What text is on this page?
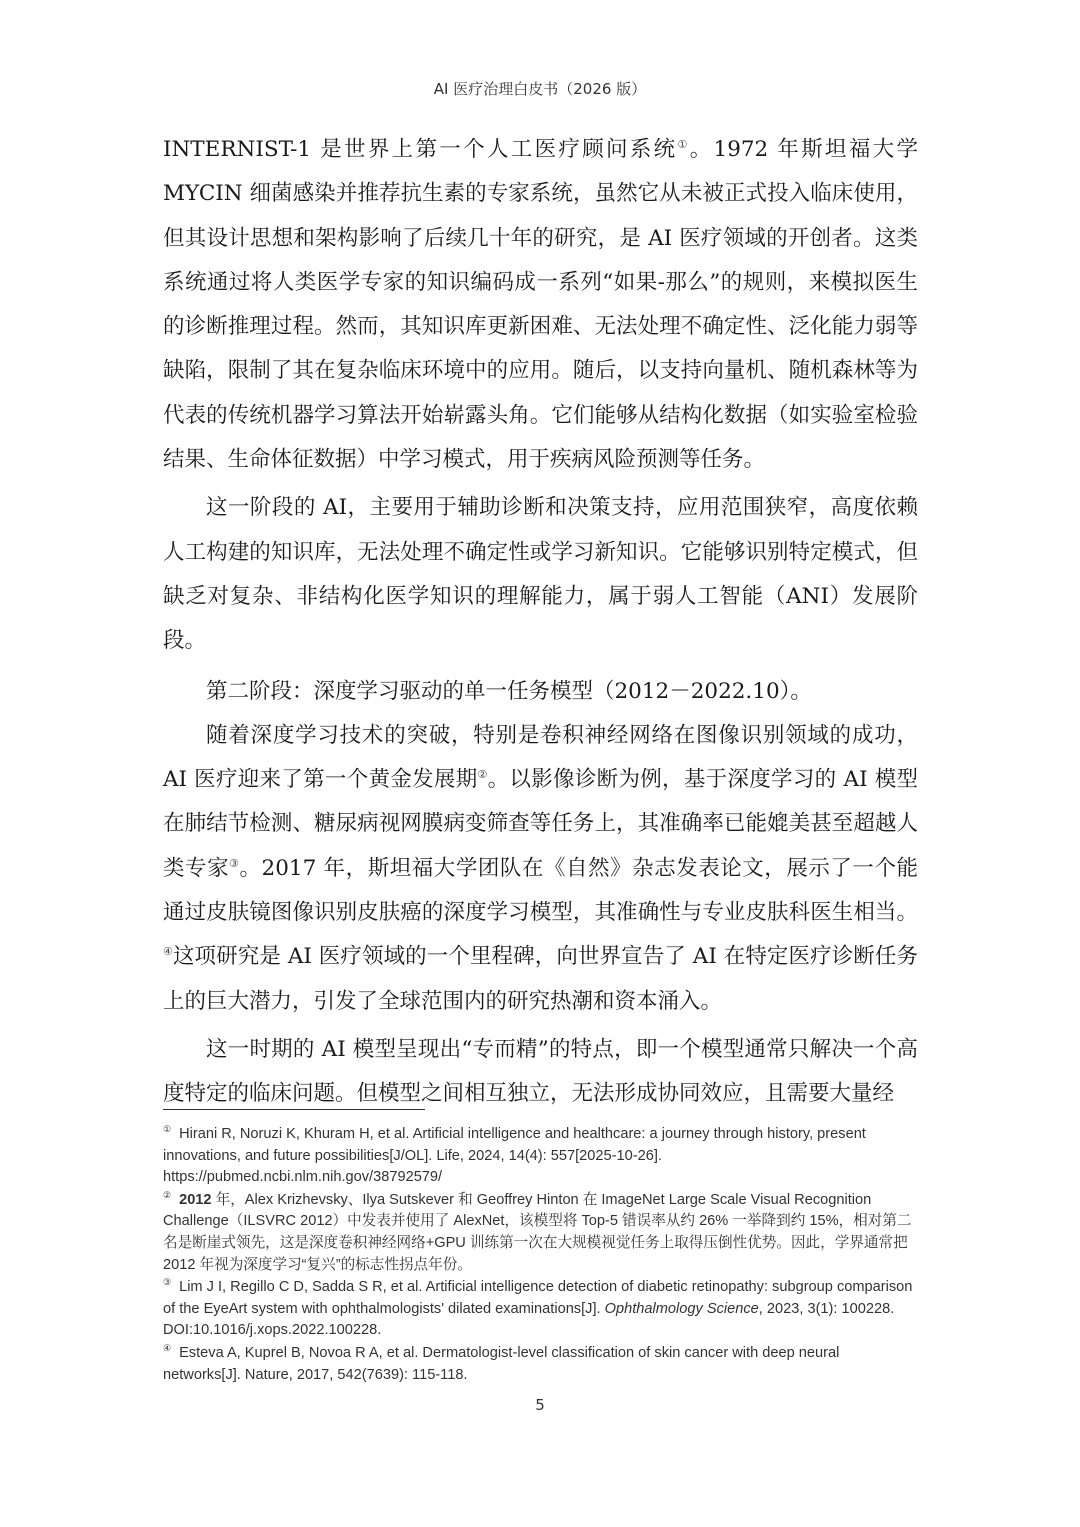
AI 医疗治理白皮书（2026 版）

INTERNIST-1 是世界上第一个人工医疗顾问系统①。1972 年斯坦福大学 MYCIN 细菌感染并推荐抗生素的专家系统，虽然它从未被正式投入临床使用，但其设计思想和架构影响了后续几十年的研究，是 AI 医疗领域的开创者。这类系统通过将人类医学专家的知识编码成一系列“如果-那么”的规则，来模拟医生的诊断推理过程。然而，其知识库更新困难、无法处理不确定性、泛化能力弱等缺陷，限制了其在复杂临床环境中的应用。随后，以支持向量机、随机森林等为代表的传统机器学习算法开始崭露头角。它们能够从结构化数据（如实验室检验结果、生命体征数据）中学习模式，用于疾病风险预测等任务。

这一阶段的 AI，主要用于辅助诊断和决策支持，应用范围狭窄，高度依赖人工构建的知识库，无法处理不确定性或学习新知识。它能够识别特定模式，但缺乏对复杂、非结构化医学知识的理解能力，属于弱人工智能（ANI）发展阶段。

第二阶段：深度学习驱动的单一任务模型（2012－2022.10）。

随着深度学习技术的突破，特别是卷积神经网络在图像识别领域的成功，AI 医疗迎来了第一个黄金发展期②。以影像诊断为例，基于深度学习的 AI 模型在肺结节检测、糖尿病视网膜病变筛查等任务上，其准确率已能媲美甚至超越人类专家③。2017 年，斯坦福大学团队在《自然》杂志发表论文，展示了一个能通过皮肤镜图像识别皮肤癌的深度学习模型，其准确性与专业皮肤科医生相当。④这项研究是 AI 医疗领域的一个里程碑，向世界宣告了 AI 在特定医疗诊断任务上的巨大潜力，引发了全球范围内的研究热潮和资本涌入。

这一时期的 AI 模型呈现出“专而精”的特点，即一个模型通常只解决一个高度特定的临床问题。但模型之间相互独立，无法形成协同效应，且需要大量经

① Hirani R, Noruzi K, Khuram H, et al. Artificial intelligence and healthcare: a journey through history, present innovations, and future possibilities[J/OL]. Life, 2024, 14(4): 557[2025-10-26]. https://pubmed.ncbi.nlm.nih.gov/38792579/

② 2012 年，Alex Krizhevsky、Ilya Sutskever 和 Geoffrey Hinton 在 ImageNet Large Scale Visual Recognition Challenge（ILSVRC 2012）中发表并使用了 AlexNet，该模型将 Top-5 错误率从约 26% 一举降到约 15%，相对第二名是断崖式领先，这是深度卷积神经网络+GPU 训练第一次在大规模视觉任务上取得压倒性优势。因此，学界通常把 2012 年视为深度学习“复兴”的标志性拐点年份。

③ Lim J I, Regillo C D, Sadda S R, et al. Artificial intelligence detection of diabetic retinopathy: subgroup comparison of the EyeArt system with ophthalmologists' dilated examinations[J]. Ophthalmology Science, 2023, 3(1): 100228. DOI:10.1016/j.xops.2022.100228.

④ Esteva A, Kuprel B, Novoa R A, et al. Dermatologist-level classification of skin cancer with deep neural networks[J]. Nature, 2017, 542(7639): 115-118.

5
